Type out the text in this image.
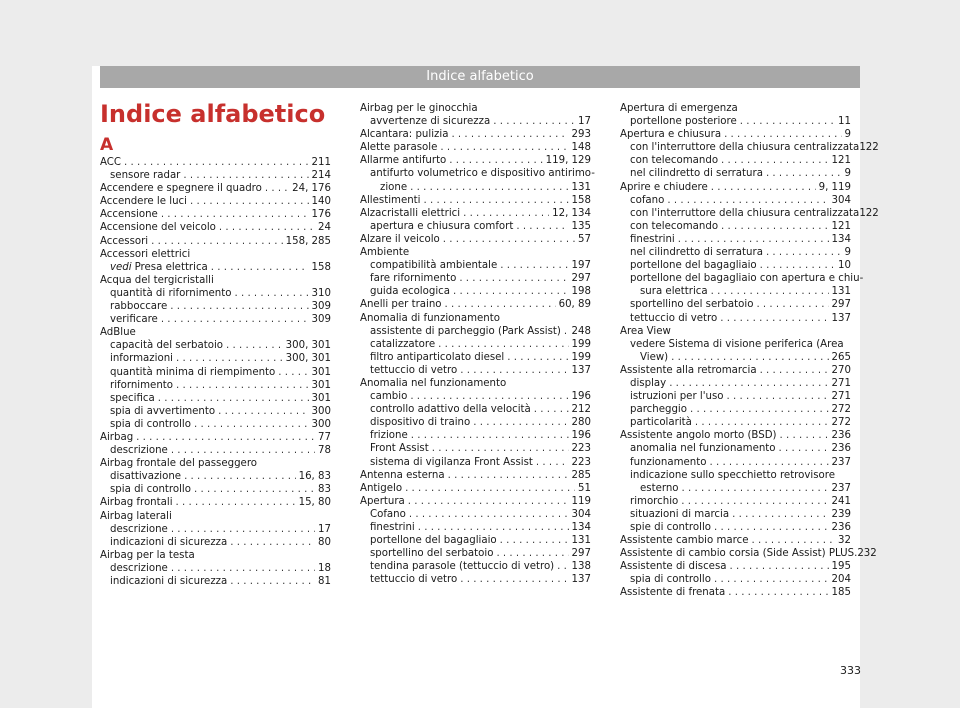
Indice alfabetico
Indice alfabetico
A
ACC . . .	211
sensore radar . . .	214
Accendere e spegnere il quadro . . .	24, 176
Accendere le luci . . .	140
Accensione . . .	176
Accensione del veicolo . . .	24
Accessori . . .	158, 285
Accessori elettrici
vedi Presa elettrica . . .	158
Acqua del tergicristalli
quantità di rifornimento . . .	310
rabboccare . . .	309
verificare . . .	309
AdBlue
capacità del serbatoio . . .	300, 301
informazioni . . .	300, 301
quantità minima di riempimento . . .	301
rifornimento . . .	301
specifica . . .	301
spia di avvertimento . . .	300
spia di controllo . . .	300
Airbag . . .	77
descrizione . . .	78
Airbag frontale del passeggero
disattivazione . . .	16, 83
spia di controllo . . .	83
Airbag frontali . . .	15, 80
Airbag laterali
descrizione . . .	17
indicazioni di sicurezza . . .	80
Airbag per la testa
descrizione . . .	18
indicazioni di sicurezza . . .	81
Airbag per le ginocchia
avvertenze di sicurezza . . .	17
Alcantara: pulizia . . .	293
Alette parasole . . .	148
Allarme antifurto . . .	119, 129
antifurto volumetrico e dispositivo antirimo-
zione . . .	131
Allestimenti . . .	158
Alzacristalli elettrici . . .	12, 134
apertura e chiusura comfort . . .	135
Alzare il veicolo . . .	57
Ambiente
compatibilità ambientale . . .	197
fare rifornimento . . .	297
guida ecologica . . .	198
Anelli per traino . . .	60, 89
Anomalia di funzionamento
assistente di parcheggio (Park Assist) . . . 248
catalizzatore . . .	199
filtro antiparticolato diesel . . .	199
tettuccio di vetro . . .	137
Anomalia nel funzionamento
cambio . . .	196
controllo adattivo della velocità . . .	212
dispositivo di traino . . .	280
frizione . . .	196
Front Assist . . .	223
sistema di vigilanza Front Assist . . .	223
Antenna esterna . . .	285
Antigelo . . .	51
Apertura . . .	119
Cofano . . .	304
finestrini . . .	134
portellone del bagagliaio . . .	131
sportellino del serbatoio . . .	297
tendina parasole (tettuccio di vetro) . . . 138
tettuccio di vetro . . .	137
Apertura di emergenza
portellone posteriore . . .	11
Apertura e chiusura . . .	9
con l'interruttore della chiusura centralizzata 122
con telecomando . . .	121
nel cilindretto di serratura . . .	9
Aprire e chiudere . . .	9, 119
cofano . . .	304
con l'interruttore della chiusura centralizzata 122
con telecomando . . .	121
finestrini . . .	134
nel cilindretto di serratura . . .	9
portellone del bagagliaio . . .	10
portellone del bagagliaio con apertura e chiu-
sura elettrica . . .	131
sportellino del serbatoio . . .	297
tettuccio di vetro . . .	137
Area View
vedere Sistema di visione periferica (Area
View) . . .	265
Assistente alla retromarcia . . .	270
display . . .	271
istruzioni per l'uso . . .	271
parcheggio . . .	272
particolarità . . .	272
Assistente angolo morto (BSD) . . .	236
anomalia nel funzionamento . . .	236
funzionamento . . .	237
indicazione sullo specchietto retrovisore
esterno . . .	237
rimorchio . . .	241
situazioni di marcia . . .	239
spie di controllo . . .	236
Assistente cambio marce . . .	32
Assistente di cambio corsia (Side Assist) PLUS . 232
Assistente di discesa . . .	195
spia di controllo . . .	204
Assistente di frenata . . .	185
333
